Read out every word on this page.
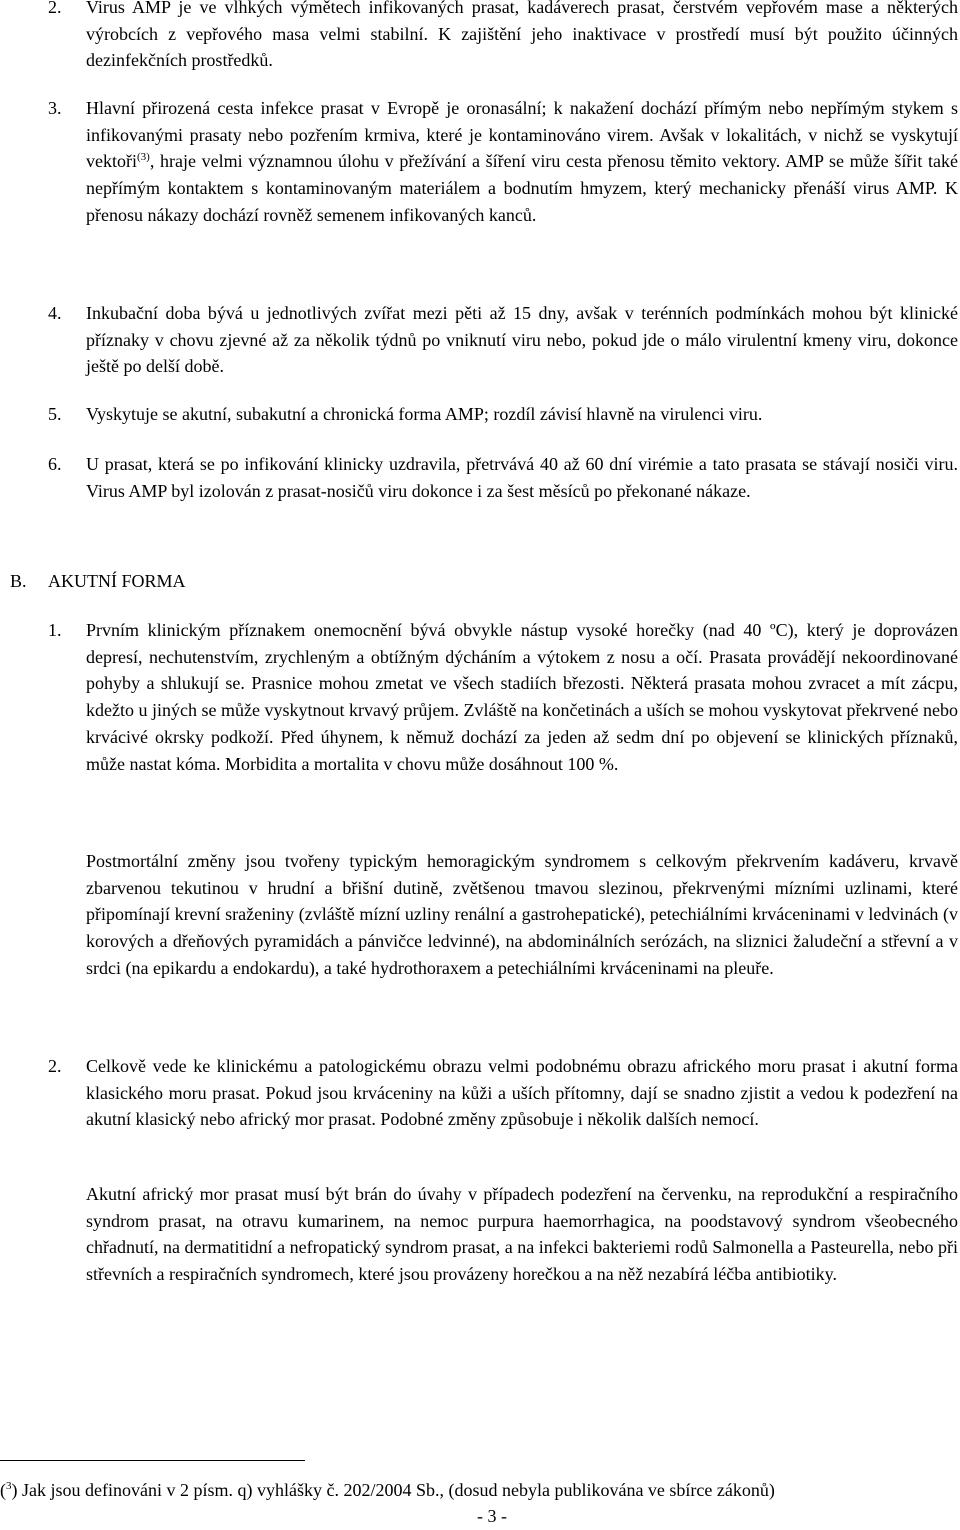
2. Virus AMP je ve vlhkých výmětech infikovaných prasat, kadáverech prasat, čerstvém vepřovém mase a některých výrobcích z vepřového masa velmi stabilní. K zajištění jeho inaktivace v prostředí musí být použito účinných dezinfekčních prostředků.
3. Hlavní přirozená cesta infekce prasat v Evropě je oronasální; k nakažení dochází přímým nebo nepřímým stykem s infikovanými prasaty nebo pozřením krmiva, které je kontaminováno virem. Avšak v lokalitách, v nichž se vyskytují vektoři$^{(3)}$, hraje velmi významnou úlohu v přežívání a šíření viru cesta přenosu těmito vektory. AMP se může šířit také nepřímým kontaktem s kontaminovaným materiálem a bodnutím hmyzem, který mechanicky přenáší virus AMP. K přenosu nákazy dochází rovněž semenem infikovaných kanců.
4. Inkubační doba bývá u jednotlivých zvířat mezi pěti až 15 dny, avšak v terénních podmínkách mohou být klinické příznaky v chovu zjevné až za několik týdnů po vniknutí viru nebo, pokud jde o málo virulentní kmeny viru, dokonce ještě po delší době.
5. Vyskytuje se akutní, subakutní a chronická forma AMP; rozdíl závisí hlavně na virulenci viru.
6. U prasat, která se po infikování klinicky uzdravila, přetrvává 40 až 60 dní virémie a tato prasata se stávají nosiči viru. Virus AMP byl izolován z prasat-nosičů viru dokonce i za šest měsíců po překonané nákaze.
B. AKUTNÍ FORMA
1. Prvním klinickým příznakem onemocnění bývá obvykle nástup vysoké horečky (nad 40 ºC), který je doprovázen depresí, nechutenstvím, zrychleným a obtížným dýcháním a výtokem z nosu a očí. Prasata provádějí nekoordinované pohyby a shlukují se. Prasnice mohou zmetat ve všech stadiích březosti. Některá prasata mohou zvracet a mít zácpu, kdežto u jiných se může vyskytnout krvavý průjem. Zvláště na končetinách a uších se mohou vyskytovat překrvené nebo krvácivé okrsky podkoží. Před úhynem, k němuž dochází za jeden až sedm dní po objevení se klinických příznaků, může nastat kóma. Morbidita a mortalita v chovu může dosáhnout 100 %.
Postmortální změny jsou tvořeny typickým hemoragickým syndromem s celkovým překrvením kadáveru, krvavě zbarvenou tekutinou v hrudní a břišní dutině, zvětšenou tmavou slezinou, překrvenými mízními uzlinami, které připomínají krevní sraženiny (zvláště mízní uzliny renální a gastrohepatické), petechiálními krváceninami v ledvinách (v korových a dřeňových pyramidách a pánvičce ledvinné), na abdominálních serózách, na sliznici žaludeční a střevní a v srdci (na epikardu a endokardu), a také hydrothoraxem a petechiálními krváceninami na pleuře.
2. Celkově vede ke klinickému a patologickému obrazu velmi podobnému obrazu afrického moru prasat i akutní forma klasického moru prasat. Pokud jsou krváceniny na kůži a uších přítomny, dají se snadno zjistit a vedou k podezření na akutní klasický nebo africký mor prasat. Podobné změny způsobuje i několik dalších nemocí.
Akutní africký mor prasat musí být brán do úvahy v případech podezření na červenku, na reprodukční a respiračního syndrom prasat, na otravu kumarinem, na nemoc purpura haemorrhagica, na poodstavový syndrom všeobecného chřadnutí, na dermatitidní a nefropatický syndrom prasat, a na infekci bakteriemi rodů Salmonella a Pasteurella, nebo při střevních a respiračních syndromech, které jsou provázeny horečkou a na něž nezabírá léčba antibiotiky.
($^3$) Jak jsou definováni v 2 písm. q) vyhlášky č. 202/2004 Sb., (dosud nebyla publikována ve sbírce zákonů)
- 3 -
